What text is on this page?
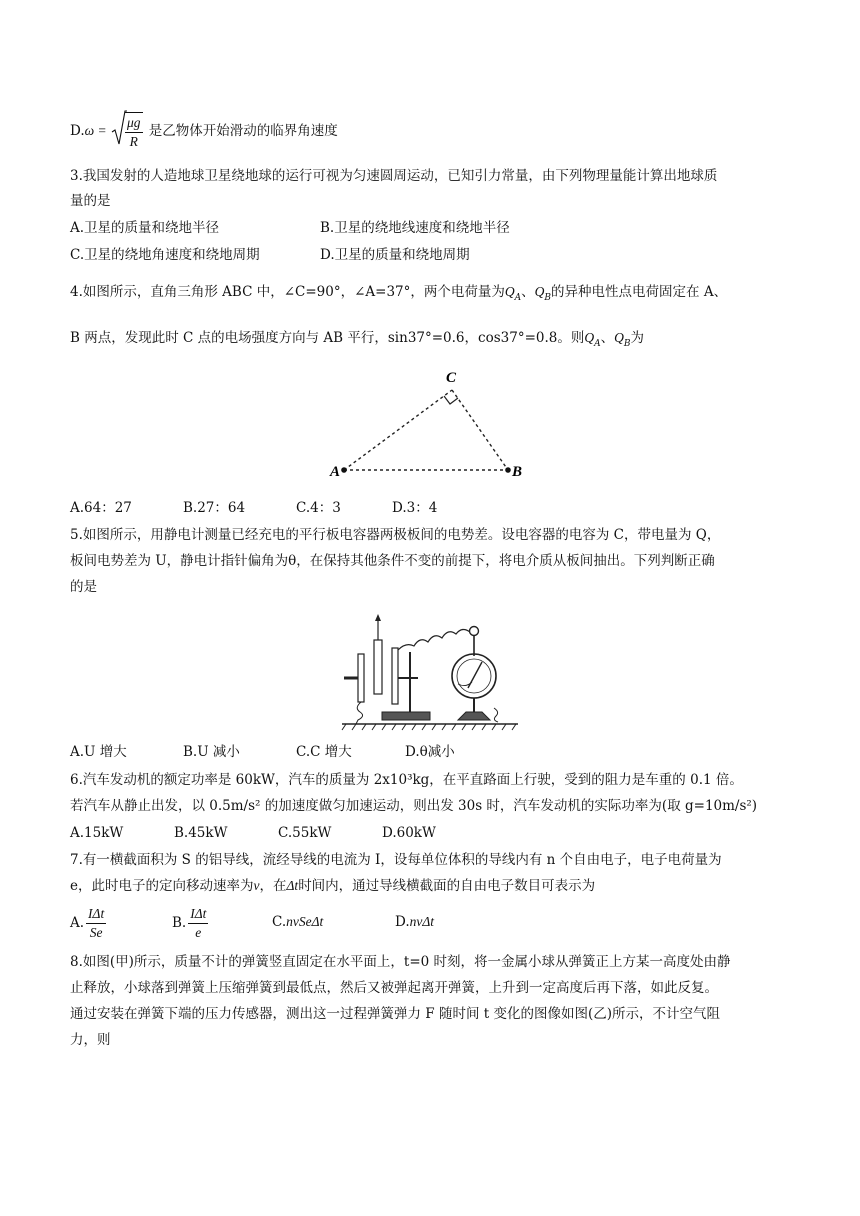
$D.\omega = \frac{\mu g}{R}$ 是乙物体开始滑动的临界角速度
3.我国发射的人造地球卫星绕地球的运行可视为匀速圆周运动，已知引力常量，由下列物理量能计算出地球质
量的是
A.卫星的质量和绕地半径	B.卫星的绕地线速度和绕地半径
C.卫星的绕地角速度和绕地周期	D.卫星的质量和绕地周期
4.如图所示，直角三角形 ABC 中，∠C=90°，∠A=37°，两个电荷量为$Q_A$、$Q_B$的异种电性点电荷固定在 A、
B 两点，发现此时 C 点的电场强度方向与 AB 平行，sin37°=0.6，cos37°=0.8。则$Q_A$、$Q_B$为
A	B
C
A.64：27	B.27：64	C.4：3	D.3：4
5.如图所示，用静电计测量已经充电的平行板电容器两极板间的电势差。设电容器的电容为 C，带电量为 Q，
板间电势差为 U，静电计指针偏角为θ，在保持其他条件不变的前提下，将电介质从板间抽出。下列判断正确
的是
A.U 增大	B.U 减小	C.C 增大	D.θ减小
6.汽车发动机的额定功率是 60kW，汽车的质量为 2x10³kg，在平直路面上行驶，受到的阻力是车重的 0.1 倍。
若汽车从静止出发，以 0.5m/s² 的加速度做匀加速运动，则出发 30s 时，汽车发动机的实际功率为(取 g=10m/s²)
A.15kW	B.45kW	C.55kW	D.60kW
7.有一横截面积为 S 的铝导线，流经导线的电流为 I，设每单位体积的导线内有 n 个自由电子，电子电荷量为
e，此时电子的定向移动速率为v，在Δt时间内，通过导线横截面的自由电子数目可表示为
A. $\frac{\text{IΔt}}{Se}$	B. $\frac{\text{IΔt}}{e}$	C.nvSeΔt	D.nvΔt
8.如图(甲)所示，质量不计的弹簧竖直固定在水平面上，t=0 时刻，将一金属小球从弹簧正上方某一高度处由静
止释放，小球落到弹簧上压缩弹簧到最低点，然后又被弹起离开弹簧，上升到一定高度后再下落，如此反复。
通过安装在弹簧下端的压力传感器，测出这一过程弹簧弹力 F 随时间 t 变化的图像如图(乙)所示，不计空气阻
力，则
